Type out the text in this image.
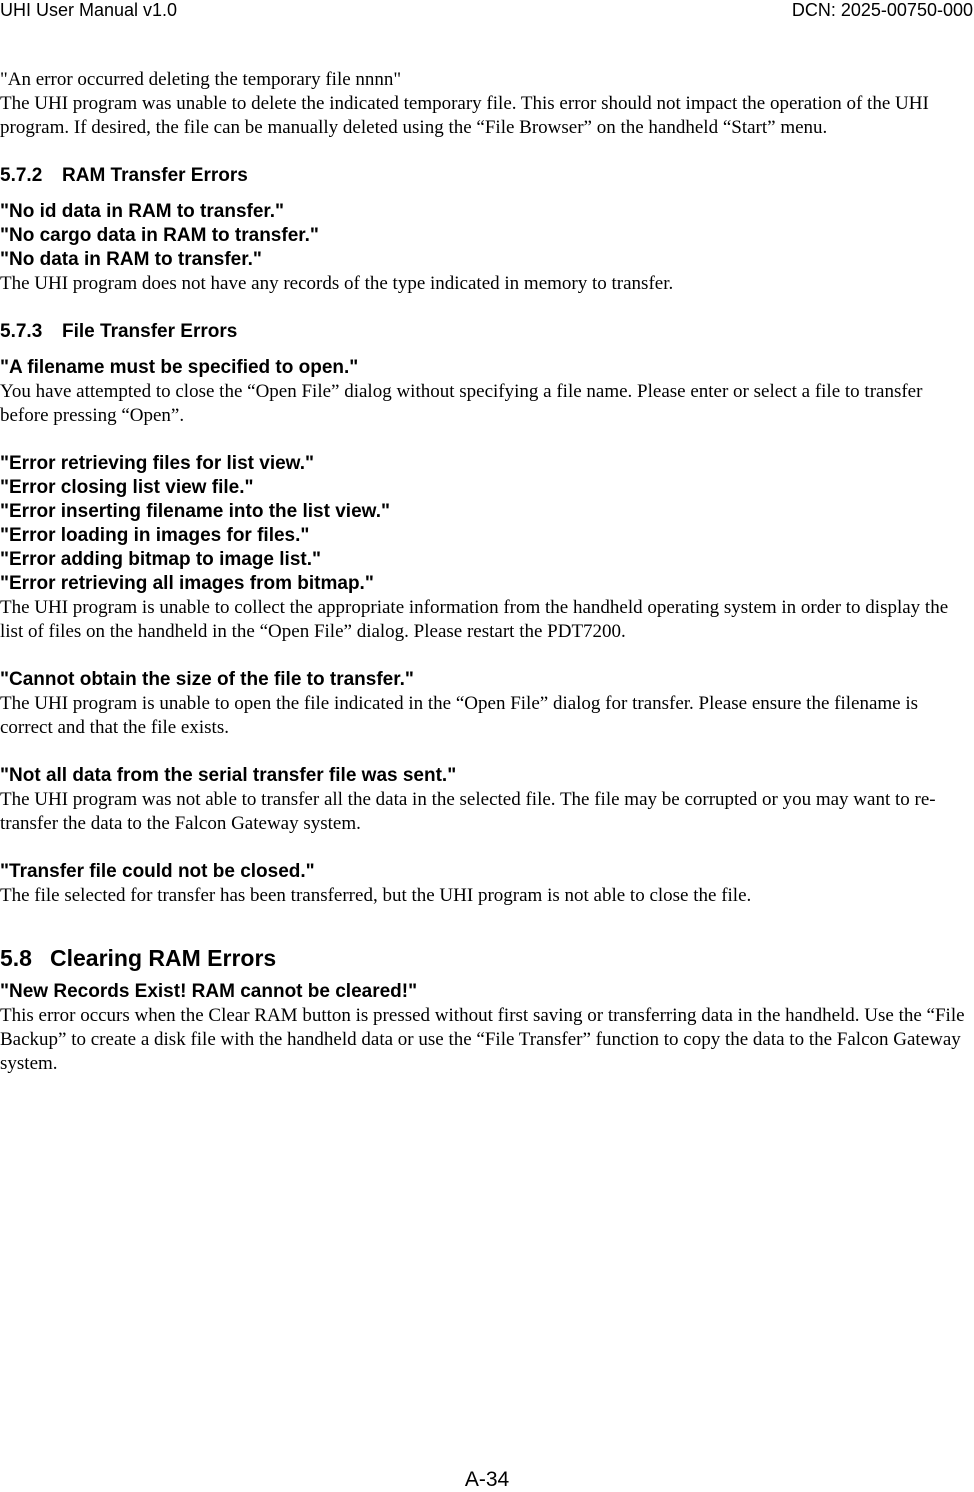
UHI User Manual v1.0	DCN: 2025-00750-000

"An error occurred deleting the temporary file nnnn"

The UHI program was unable to delete the indicated temporary file. This error should not impact the operation of the UHI program. If desired, the file can be manually deleted using the “File Browser” on the handheld “Start” menu.

5.7.2 RAM Transfer Errors

"No id data in RAM to transfer."

"No cargo data in RAM to transfer."

"No data in RAM to transfer."

The UHI program does not have any records of the type indicated in memory to transfer.

5.7.3 File Transfer Errors

"A filename must be specified to open."

You have attempted to close the “Open File” dialog without specifying a file name. Please enter or select a file to transfer before pressing “Open”.

"Error retrieving files for list view."

"Error closing list view file."

"Error inserting filename into the list view."

"Error loading in images for files."

"Error adding bitmap to image list."

"Error retrieving all images from bitmap."

The UHI program is unable to collect the appropriate information from the handheld operating system in order to display the list of files on the handheld in the “Open File” dialog. Please restart the PDT7200.

"Cannot obtain the size of the file to transfer."

The UHI program is unable to open the file indicated in the “Open File” dialog for transfer. Please ensure the filename is correct and that the file exists.

"Not all data from the serial transfer file was sent."

The UHI program was not able to transfer all the data in the selected file. The file may be corrupted or you may want to re-transfer the data to the Falcon Gateway system.

"Transfer file could not be closed."

The file selected for transfer has been transferred, but the UHI program is not able to close the file.

5.8 Clearing RAM Errors

"New Records Exist! RAM cannot be cleared!"

This error occurs when the Clear RAM button is pressed without first saving or transferring data in the handheld. Use the “File Backup” to create a disk file with the handheld data or use the “File Transfer” function to copy the data to the Falcon Gateway system.

A-34
